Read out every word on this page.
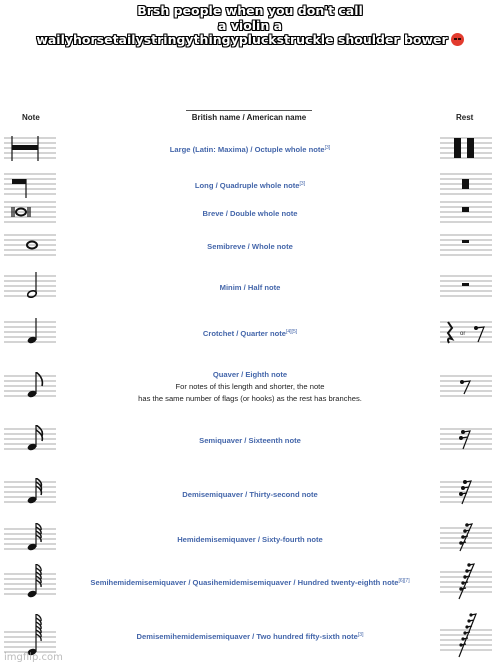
Brsh people when you don't call
a violin a
wailyhorsetailystringythingypluckstruckle shoulder bower
Note	British name / American name	Rest
Large (Latin: Maxima) / Octuple whole note[3]
Long / Quadruple whole note[3]
Breve / Double whole note
Semibreve / Whole note
Minim / Half note
Crotchet / Quarter note[4][5]	or
Quaver / Eighth note
For notes of this length and shorter, the note
has the same number of flags (or hooks) as the rest has branches.
Semiquaver / Sixteenth note
Demisemiquaver / Thirty-second note
Hemidemisemiquaver / Sixty-fourth note
Semihemidemisemiquaver / Quasihemidemisemiquaver / Hundred twenty-eighth note[6][7]
Demisemihemidemisemiquaver / Two hundred fifty-sixth note[3]
imgflip.com
